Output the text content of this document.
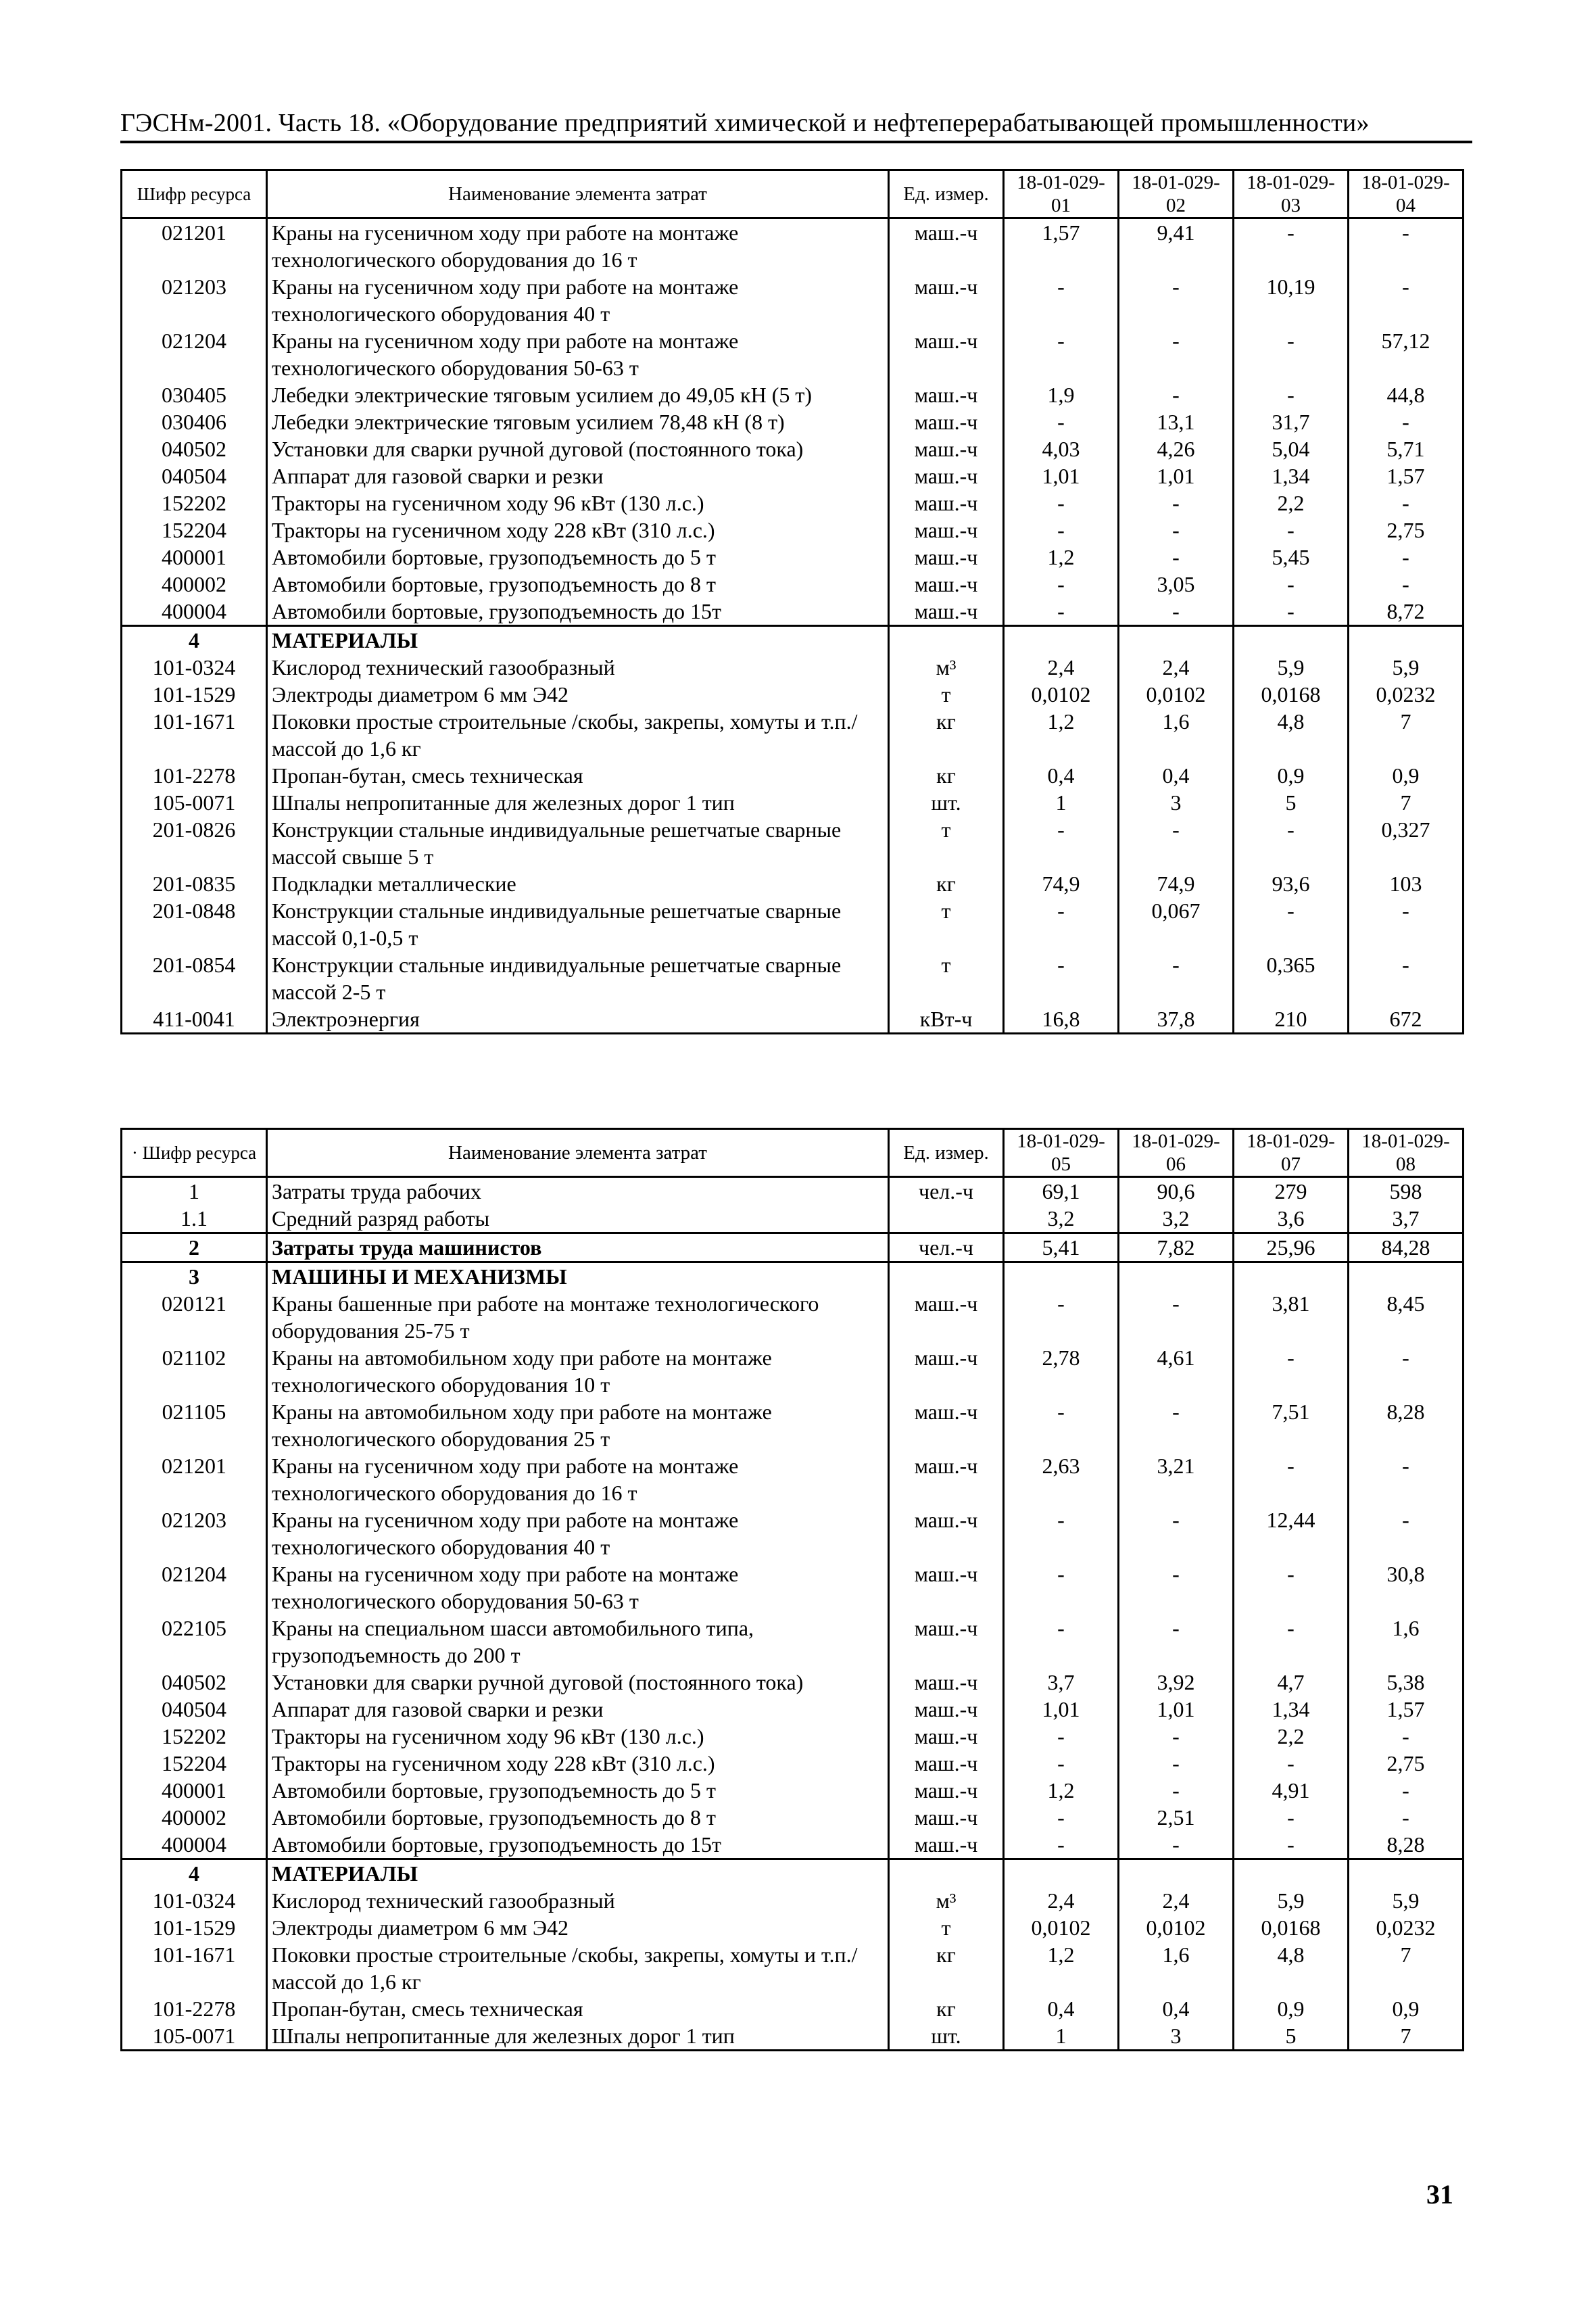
ГЭСНм-2001. Часть 18. «Оборудование предприятий химической и нефтеперерабатывающей промышленности»
Шифр ресурса	Наименование элемента затрат	Ед. измер.	18-01-029-01	18-01-029-02	18-01-029-03	18-01-029-04
021201	Краны на гусеничном ходу при работе на монтаже технологического оборудования до 16 т	маш.-ч	1,57	9,41	-	-
021203	Краны на гусеничном ходу при работе на монтаже технологического оборудования 40 т	маш.-ч	-	-	10,19	-
021204	Краны на гусеничном ходу при работе на монтаже технологического оборудования 50-63 т	маш.-ч	-	-	-	57,12
030405	Лебедки электрические тяговым усилием до 49,05 кН (5 т)	маш.-ч	1,9	-	-	44,8
030406	Лебедки электрические тяговым усилием 78,48 кН (8 т)	маш.-ч	-	13,1	31,7	-
040502	Установки для сварки ручной дуговой (постоянного тока)	маш.-ч	4,03	4,26	5,04	5,71
040504	Аппарат для газовой сварки и резки	маш.-ч	1,01	1,01	1,34	1,57
152202	Тракторы на гусеничном ходу 96 кВт (130 л.с.)	маш.-ч	-	-	2,2	-
152204	Тракторы на гусеничном ходу 228 кВт (310 л.с.)	маш.-ч	-	-	-	2,75
400001	Автомобили бортовые, грузоподъемность до 5 т	маш.-ч	1,2	-	5,45	-
400002	Автомобили бортовые, грузоподъемность до 8 т	маш.-ч	-	3,05	-	-
400004	Автомобили бортовые, грузоподъемность до 15т	маш.-ч	-	-	-	8,72
4	МАТЕРИАЛЫ					
101-0324	Кислород технический газообразный	м³	2,4	2,4	5,9	5,9
101-1529	Электроды диаметром 6 мм Э42	т	0,0102	0,0102	0,0168	0,0232
101-1671	Поковки простые строительные /скобы, закрепы, хомуты и т.п./ массой до 1,6 кг	кг	1,2	1,6	4,8	7
101-2278	Пропан-бутан, смесь техническая	кг	0,4	0,4	0,9	0,9
105-0071	Шпалы непропитанные для железных дорог 1 тип	шт.	1	3	5	7
201-0826	Конструкции стальные индивидуальные решетчатые сварные массой свыше 5 т	т	-	-	-	0,327
201-0835	Подкладки металлические	кг	74,9	74,9	93,6	103
201-0848	Конструкции стальные индивидуальные решетчатые сварные массой 0,1-0,5 т	т	-	0,067	-	-
201-0854	Конструкции стальные индивидуальные решетчатые сварные массой 2-5 т	т	-	-	0,365	-
411-0041	Электроэнергия	кВт-ч	16,8	37,8	210	672
· Шифр ресурса	Наименование элемента затрат	Ед. измер.	18-01-029-05	18-01-029-06	18-01-029-07	18-01-029-08
1	Затраты труда рабочих	чел.-ч	69,1	90,6	279	598
1.1	Средний разряд работы		3,2	3,2	3,6	3,7
2	Затраты труда машинистов	чел.-ч	5,41	7,82	25,96	84,28
3	МАШИНЫ И МЕХАНИЗМЫ					
020121	Краны башенные при работе на монтаже технологического оборудования 25-75 т	маш.-ч	-	-	3,81	8,45
021102	Краны на автомобильном ходу при работе на монтаже технологического оборудования 10 т	маш.-ч	2,78	4,61	-	-
021105	Краны на автомобильном ходу при работе на монтаже технологического оборудования 25 т	маш.-ч	-	-	7,51	8,28
021201	Краны на гусеничном ходу при работе на монтаже технологического оборудования до 16 т	маш.-ч	2,63	3,21	-	-
021203	Краны на гусеничном ходу при работе на монтаже технологического оборудования 40 т	маш.-ч	-	-	12,44	-
021204	Краны на гусеничном ходу при работе на монтаже технологического оборудования 50-63 т	маш.-ч	-	-	-	30,8
022105	Краны на специальном шасси автомобильного типа, грузоподъемность до 200 т	маш.-ч	-	-	-	1,6
040502	Установки для сварки ручной дуговой (постоянного тока)	маш.-ч	3,7	3,92	4,7	5,38
040504	Аппарат для газовой сварки и резки	маш.-ч	1,01	1,01	1,34	1,57
152202	Тракторы на гусеничном ходу 96 кВт (130 л.с.)	маш.-ч	-	-	2,2	-
152204	Тракторы на гусеничном ходу 228 кВт (310 л.с.)	маш.-ч	-	-	-	2,75
400001	Автомобили бортовые, грузоподъемность до 5 т	маш.-ч	1,2	-	4,91	-
400002	Автомобили бортовые, грузоподъемность до 8 т	маш.-ч	-	2,51	-	-
400004	Автомобили бортовые, грузоподъемность до 15т	маш.-ч	-	-	-	8,28
4	МАТЕРИАЛЫ					
101-0324	Кислород технический газообразный	м³	2,4	2,4	5,9	5,9
101-1529	Электроды диаметром 6 мм Э42	т	0,0102	0,0102	0,0168	0,0232
101-1671	Поковки простые строительные /скобы, закрепы, хомуты и т.п./ массой до 1,6 кг	кг	1,2	1,6	4,8	7
101-2278	Пропан-бутан, смесь техническая	кг	0,4	0,4	0,9	0,9
105-0071	Шпалы непропитанные для железных дорог 1 тип	шт.	1	3	5	7
31
